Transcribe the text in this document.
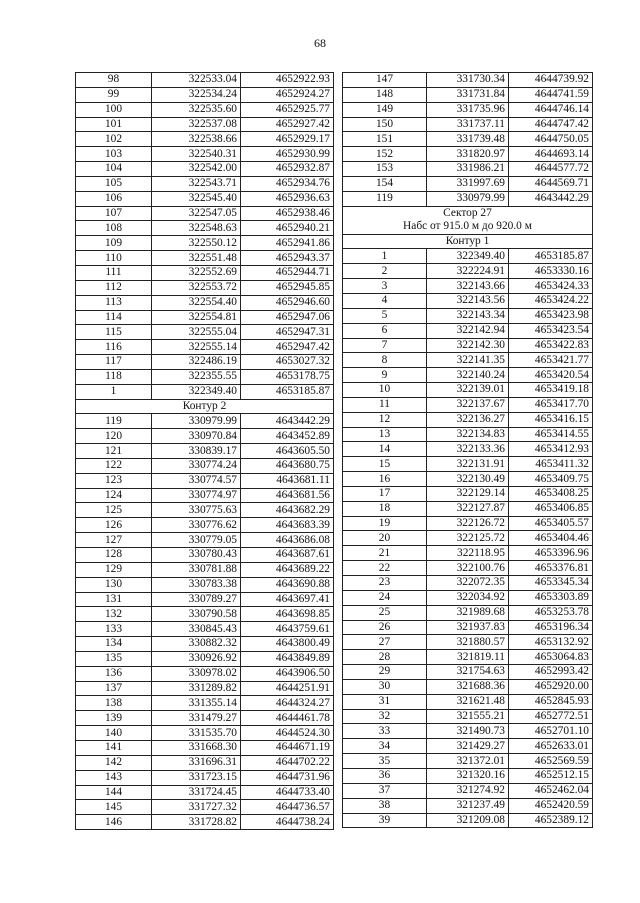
68
98	322533.04	4652922.93
99	322534.24	4652924.27
100	322535.60	4652925.77
101	322537.08	4652927.42
102	322538.66	4652929.17
103	322540.31	4652930.99
104	322542.00	4652932.87
105	322543.71	4652934.76
106	322545.40	4652936.63
107	322547.05	4652938.46
108	322548.63	4652940.21
109	322550.12	4652941.86
110	322551.48	4652943.37
111	322552.69	4652944.71
112	322553.72	4652945.85
113	322554.40	4652946.60
114	322554.81	4652947.06
115	322555.04	4652947.31
116	322555.14	4652947.42
117	322486.19	4653027.32
118	322355.55	4653178.75
1	322349.40	4653185.87
Контур 2		
119	330979.99	4643442.29
120	330970.84	4643452.89
121	330839.17	4643605.50
122	330774.24	4643680.75
123	330774.57	4643681.11
124	330774.97	4643681.56
125	330775.63	4643682.29
126	330776.62	4643683.39
127	330779.05	4643686.08
128	330780.43	4643687.61
129	330781.88	4643689.22
130	330783.38	4643690.88
131	330789.27	4643697.41
132	330790.58	4643698.85
133	330845.43	4643759.61
134	330882.32	4643800.49
135	330926.92	4643849.89
136	330978.02	4643906.50
137	331289.82	4644251.91
138	331355.14	4644324.27
139	331479.27	4644461.78
140	331535.70	4644524.30
141	331668.30	4644671.19
142	331696.31	4644702.22
143	331723.15	4644731.96
144	331724.45	4644733.40
145	331727.32	4644736.57
146	331728.82	4644738.24
147	331730.34	4644739.92
148	331731.84	4644741.59
149	331735.96	4644746.14
150	331737.11	4644747.42
151	331739.48	4644750.05
152	331820.97	4644693.14
153	331986.21	4644577.72
154	331997.69	4644569.71
119	330979.99	4643442.29

Сектор 27
Набс от 915.0 м до 920.0 м		

Контур 1		
1	322349.40	4653185.87
2	322224.91	4653330.16
3	322143.66	4653424.33
4	322143.56	4653424.22
5	322143.34	4653423.98
6	322142.94	4653423.54
7	322142.30	4653422.83
8	322141.35	4653421.77
9	322140.24	4653420.54
10	322139.01	4653419.18
11	322137.67	4653417.70
12	322136.27	4653416.15
13	322134.83	4653414.55
14	322133.36	4653412.93
15	322131.91	4653411.32
16	322130.49	4653409.75
17	322129.14	4653408.25
18	322127.87	4653406.85
19	322126.72	4653405.57
20	322125.72	4653404.46
21	322118.95	4653396.96
22	322100.76	4653376.81
23	322072.35	4653345.34
24	322034.92	4653303.89
25	321989.68	4653253.78
26	321937.83	4653196.34
27	321880.57	4653132.92
28	321819.11	4653064.83
29	321754.63	4652993.42
30	321688.36	4652920.00
31	321621.48	4652845.93
32	321555.21	4652772.51
33	321490.73	4652701.10
34	321429.27	4652633.01
35	321372.01	4652569.59
36	321320.16	4652512.15
37	321274.92	4652462.04
38	321237.49	4652420.59
39	321209.08	4652389.12
